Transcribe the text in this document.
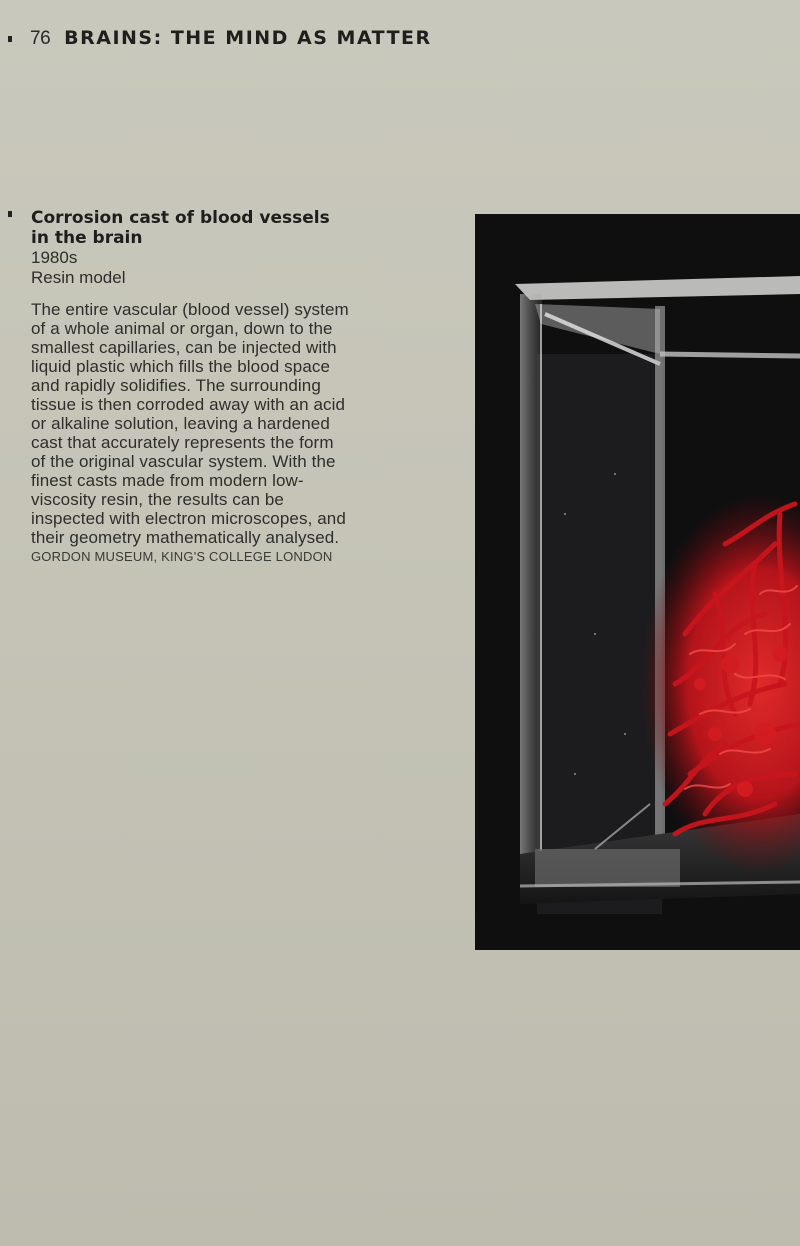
76 BRAINS: THE MIND AS MATTER

Corrosion cast of blood vessels

in the brain

1980s

Resin model

The entire vascular (blood vessel) system of a whole animal or organ, down to the smallest capillaries, can be injected with liquid plastic which fills the blood space and rapidly solidifies. The surrounding tissue is then corroded away with an acid or alkaline solution, leaving a hardened cast that accurately represents the form of the original vascular system. With the finest casts made from modern low-viscosity resin, the results can be inspected with electron microscopes, and their geometry mathematically analysed.

GORDON MUSEUM, KING'S COLLEGE LONDON
